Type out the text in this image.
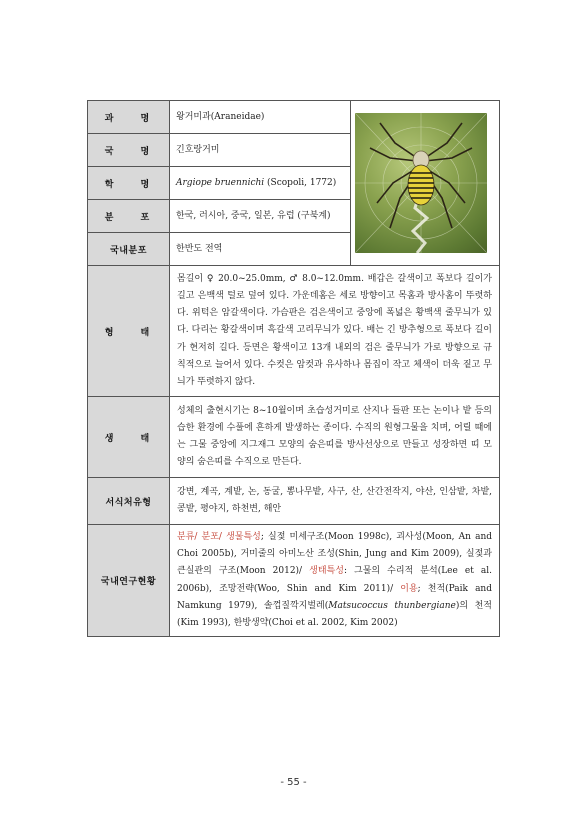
과 명	왕거미과(Araneidae)	

국 명	긴호랑거미	
학 명	Argiope bruennichi (Scopoli, 1772)	
분 포	한국, 러시아, 중국, 일본, 유럽 (구북계)	
국내분포	한반도 전역	
형 태	몸길이 ♀ 20.0~25.0mm, ♂ 8.0~12.0mm. 배갑은 갈색이고 폭보다 길이가 길고 은백색 털로 덮여 있다. 가운데홈은 세로 방향이고 목홈과 방사홈이 뚜렷하다. 위턱은 암갈색이다. 가슴판은 검은색이고 중앙에 폭넓은 황백색 줄무늬가 있다. 다리는 황갈색이며 흑갈색 고리무늬가 있다. 배는 긴 방추형으로 폭보다 길이가 현저히 길다. 등면은 황색이고 13개 내외의 검은 줄무늬가 가로 방향으로 규칙적으로 늘어서 있다. 수컷은 암컷과 유사하나 몸집이 작고 체색이 더욱 짙고 무늬가 뚜렷하지 않다.	

생 태	성체의 출현시기는 8~10월이며 초습성거미로 산지나 들판 또는 논이나 밭 등의 습한 환경에 수풀에 흔하게 발생하는 종이다. 수직의 원형그물을 치며, 어릴 때에는 그물 중앙에 지그재그 모양의 숨은띠를 방사선상으로 만들고 성장하면 띠 모양의 숨은띠를 수직으로 만든다.	

서식처유형	강변, 계곡, 계밭, 논, 동굴, 뽕나무밭, 사구, 산, 산간전작지, 야산, 인삼밭, 차밭, 콩밭, 평야지, 하천변, 해안	

국내연구현황	분류/ 분포/ 생물특성; 실젖 미세구조(Moon 1998c), 괴사성(Moon, An and Choi 2005b), 거미줄의 아미노산 조성(Shin, Jung and Kim 2009), 실젖과 큰실관의 구조(Moon 2012)/ 생태특성: 그물의 수리적 분석(Lee et al. 2006b), 조망전략(Woo, Shin and Kim 2011)/ 이용; 천적(Paik and Namkung 1979), 솔껍질깍지벌레(Matsucoccus thunbergiane)의 천적(Kim 1993), 한방생약(Choi et al. 2002, Kim 2002)	
- 55 -
